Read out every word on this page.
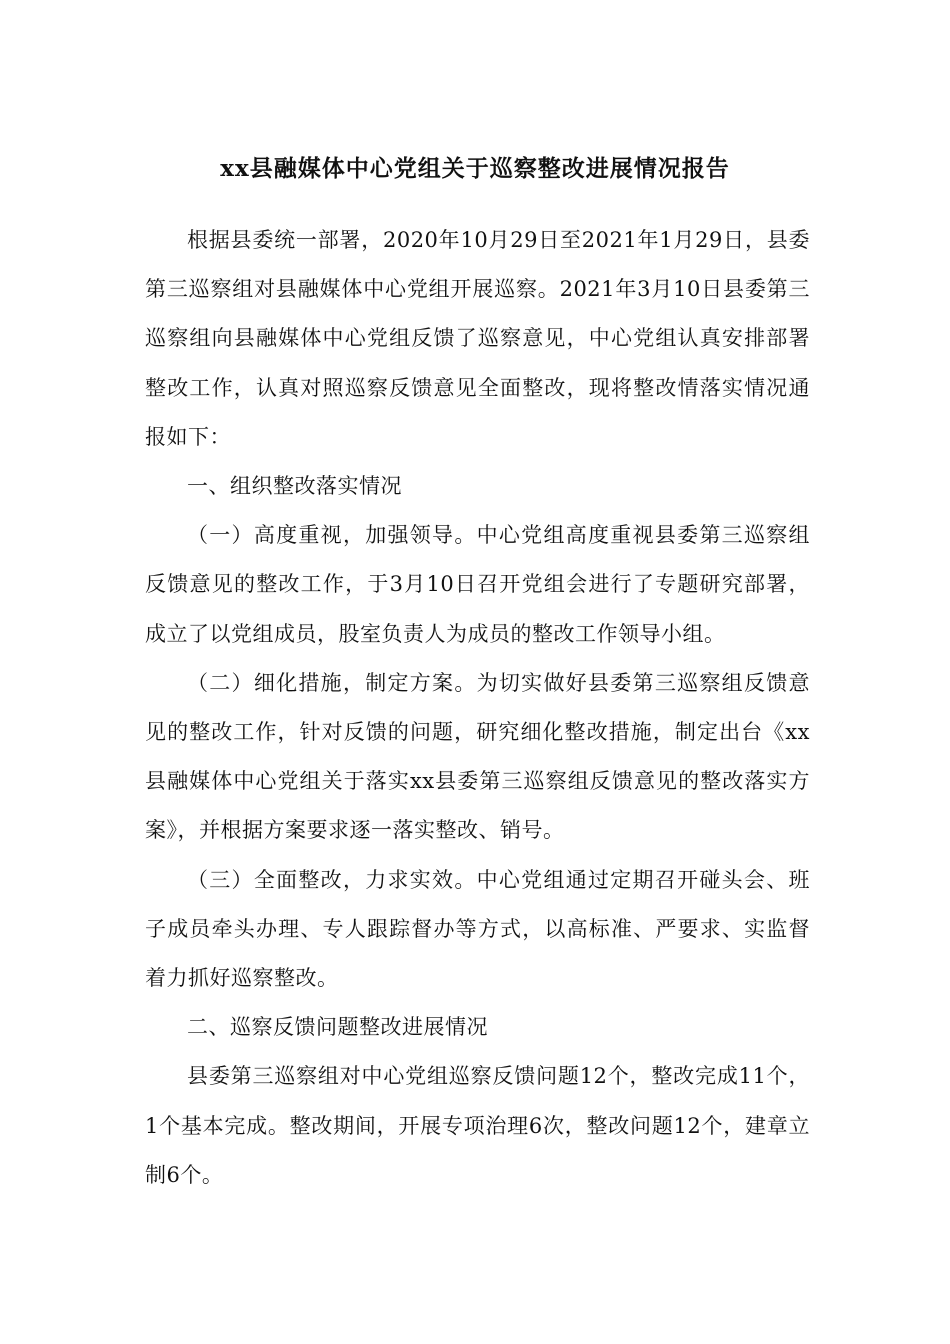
xx县融媒体中心党组关于巡察整改进展情况报告

根据县委统一部署，2020年10月29日至2021年1月29日，县委第三巡察组对县融媒体中心党组开展巡察。2021年3月10日县委第三巡察组向县融媒体中心党组反馈了巡察意见，中心党组认真安排部署整改工作，认真对照巡察反馈意见全面整改，现将整改情落实情况通报如下：

一、组织整改落实情况

（一）高度重视，加强领导。中心党组高度重视县委第三巡察组反馈意见的整改工作，于3月10日召开党组会进行了专题研究部署，成立了以党组成员，股室负责人为成员的整改工作领导小组。

（二）细化措施，制定方案。为切实做好县委第三巡察组反馈意见的整改工作，针对反馈的问题，研究细化整改措施，制定出台《xx县融媒体中心党组关于落实xx县委第三巡察组反馈意见的整改落实方案》，并根据方案要求逐一落实整改、销号。

（三）全面整改，力求实效。中心党组通过定期召开碰头会、班子成员牵头办理、专人跟踪督办等方式，以高标准、严要求、实监督着力抓好巡察整改。

二、巡察反馈问题整改进展情况

县委第三巡察组对中心党组巡察反馈问题12个，整改完成11个，1个基本完成。整改期间，开展专项治理6次，整改问题12个，建章立制6个。
